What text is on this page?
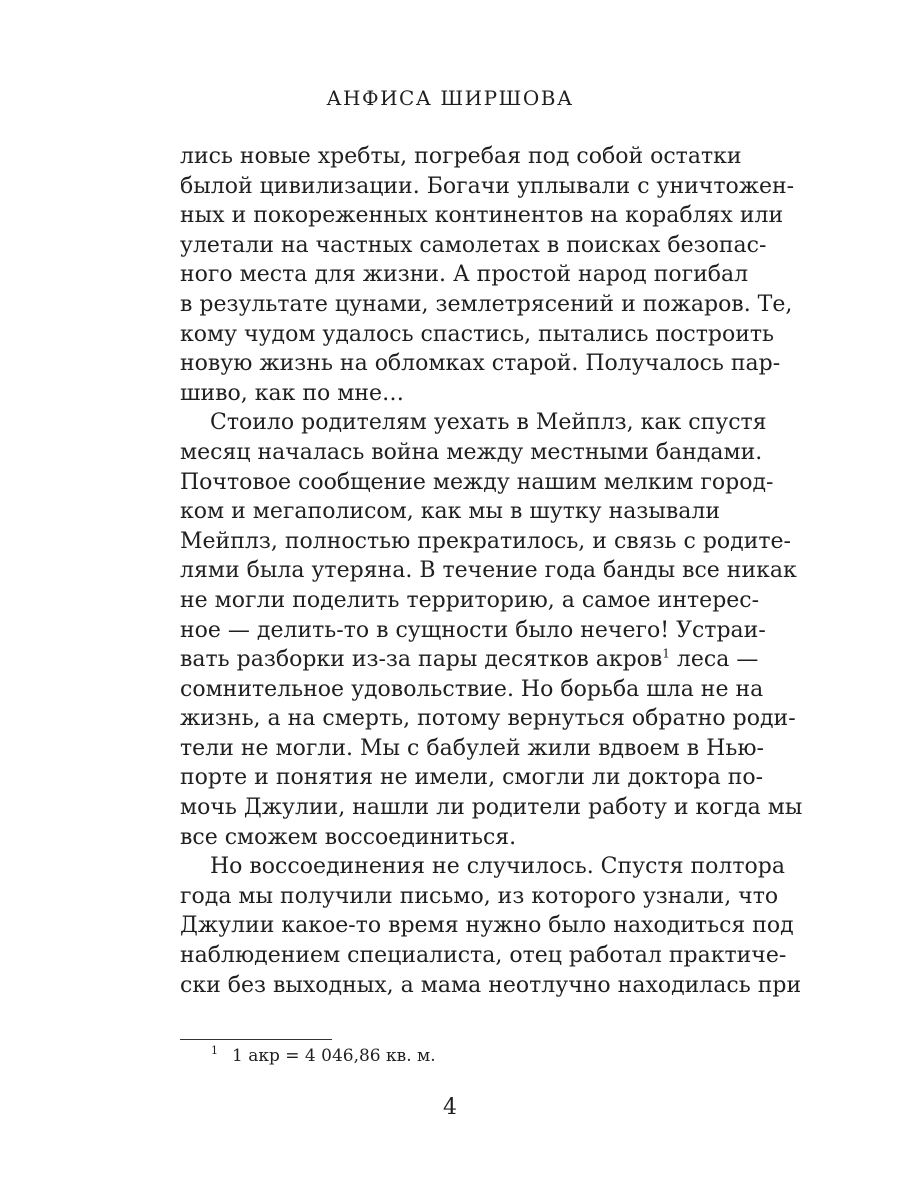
АНФИСА ШИРШОВА
лись новые хребты, погребая под собой остатки
былой цивилизации. Богачи уплывали с уничтожен-
ных и покореженных континентов на кораблях или
улетали на частных самолетах в поисках безопас-
ного места для жизни. А простой народ погибал
в результате цунами, землетрясений и пожаров. Те,
кому чудом удалось спастись, пытались построить
новую жизнь на обломках старой. Получалось пар-
шиво, как по мне…
Стоило родителям уехать в Мейплз, как спустя
месяц началась война между местными бандами.
Почтовое сообщение между нашим мелким город-
ком и мегаполисом, как мы в шутку называли
Мейплз, полностью прекратилось, и связь с родите-
лями была утеряна. В течение года банды все никак
не могли поделить территорию, а самое интерес-
ное — делить-то в сущности было нечего! Устраи-
вать разборки из-за пары десятков акров$^1$ леса —
сомнительное удовольствие. Но борьба шла не на
жизнь, а на смерть, потому вернуться обратно роди-
тели не могли. Мы с бабулей жили вдвоем в Нью-
порте и понятия не имели, смогли ли доктора по-
мочь Джулии, нашли ли родители работу и когда мы
все сможем воссоединиться.
Но воссоединения не случилось. Спустя полтора
года мы получили письмо, из которого узнали, что
Джулии какое-то время нужно было находиться под
наблюдением специалиста, отец работал практиче-
ски без выходных, а мама неотлучно находилась при
$^1$ 1 акр = 4 046,86 кв. м.
4
